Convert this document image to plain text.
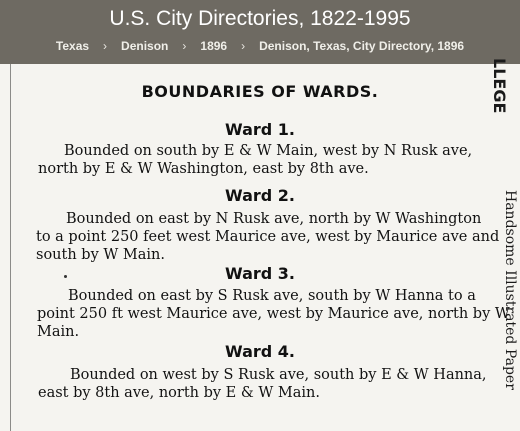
U.S. City Directories, 1822-1995
Texas › Denison › 1896 › Denison, Texas, City Directory, 1896
BOUNDARIES OF WARDS.
Ward 1.
Bounded on south by E & W Main, west by N Rusk ave,
north by E & W Washington, east by 8th ave.
Ward 2.
Bounded on east by N Rusk ave, north by W Washington
to a point 250 feet west Maurice ave, west by Maurice ave and
south by W Main.
Ward 3.
Bounded on east by S Rusk ave, south by W Hanna to a
point 250 ft west Maurice ave, west by Maurice ave, north by W
Main.
Ward 4.
Bounded on west by S Rusk ave, south by E & W Hanna,
east by 8th ave, north by E & W Main.
LLEGE
Handsome Illustrated Paper
